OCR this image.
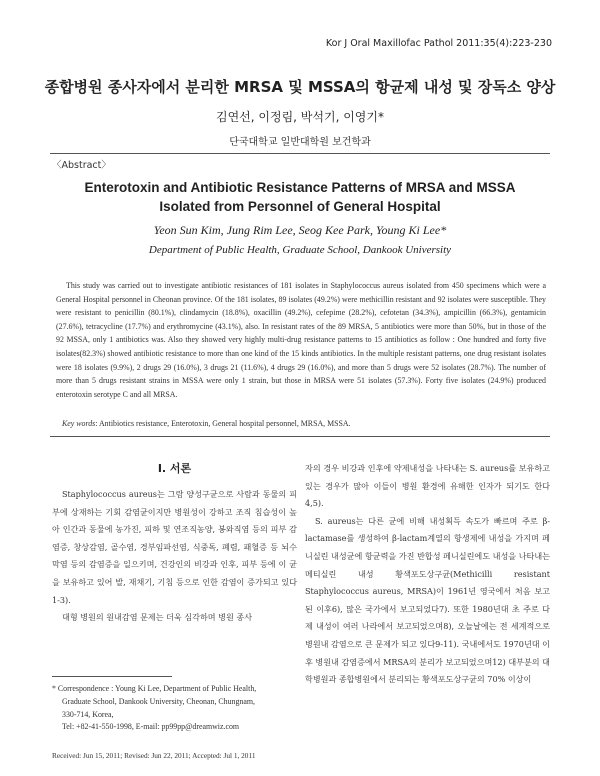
Kor J Oral Maxillofac Pathol 2011:35(4):223-230
종합병원 종사자에서 분리한 MRSA 및 MSSA의 항균제 내성 및 장독소 양상
김연선, 이정림, 박석기, 이영기*
단국대학교 일반대학원 보건학과
〈Abstract〉
Enterotoxin and Antibiotic Resistance Patterns of MRSA and MSSA Isolated from Personnel of General Hospital
Yeon Sun Kim, Jung Rim Lee, Seog Kee Park, Young Ki Lee*
Department of Public Health, Graduate School, Dankook University

This study was carried out to investigate antibiotic resistances of 181 isolates in Staphylococcus aureus isolated from 450 specimens which were a General Hospital personnel in Cheonan province. Of the 181 isolates, 89 isolates (49.2%) were methicillin resistant and 92 isolates were susceptible. They were resistant to penicillin (80.1%), clindamycin (18.8%), oxacillin (49.2%), cefepime (28.2%), cefotetan (34.3%), ampicillin (66.3%), gentamicin (27.6%), tetracycline (17.7%) and erythromycine (43.1%), also. In resistant rates of the 89 MRSA, 5 antibiotics were more than 50%, but in those of the 92 MSSA, only 1 antibiotics was. Also they showed very highly multi-drug resistance patterns to 15 antibiotics as follow : One hundred and forty five isolates(82.3%) showed antibiotic resistance to more than one kind of the 15 kinds antibiotics. In the multiple resistant patterns, one drug resistant isolates were 18 isolates (9.9%), 2 drugs 29 (16.0%), 3 drugs 21 (11.6%), 4 drugs 29 (16.0%), and more than 5 drugs were 52 isolates (28.7%). The number of more than 5 drugs resistant strains in MSSA were only 1 strain, but those in MRSA were 51 isolates (57.3%). Forty five isolates (24.9%) produced enterotoxin serotype C and all MRSA.

Key words: Antibiotics resistance, Enterotoxin, General hospital personnel, MRSA, MSSA.
Ⅰ. 서론

Staphylococcus aureus는 그람 양성구균으로 사람과 동물의 피부에 상재하는 기회 감염균이지만 병원성이 강하고 조직 침습성이 높아 인간과 동물에 농가진, 피하 및 연조직농양, 봉와직염 등의 피부 감염증, 창상감염, 골수염, 경부임파선염, 식중독, 폐렴, 패혈증 등 뇌수막염 등의 감염증을 일으키며, 건강인의 비강과 인후, 피부 등에 이 균을 보유하고 있어 발, 재채기, 기침 등으로 인한 감염이 증가되고 있다1-3).

대형 병원의 원내감염 문제는 더욱 심각하며 병원 종사

자의 경우 비강과 인후에 약제내성을 나타내는 S. aureus를 보유하고 있는 경우가 많아 이들이 병원 환경에 유해한 인자가 되기도 한다4,5).

S. aureus는 다른 균에 비해 내성획득 속도가 빠르며 주로 β-lactamase를 생성하여 β-lactam계열의 항생제에 내성을 가지며 페니실린 내성균에 항균력을 가진 반합성 페니실린에도 내성을 나타내는 메티실린 내성 황색포도상구균(Methicilli resistant Staphylococcus aureus, MRSA)이 1961년 영국에서 처음 보고된 이후6), 많은 국가에서 보고되었다7). 또한 1980년대 초 주로 다제 내성이 여러 나라에서 보고되었으며8), 오늘날에는 전 세계적으로 병원내 감염으로 큰 문제가 되고 있다9-11). 국내에서도 1970년대 이후 병원내 감염증에서 MRSA의 분리가 보고되었으며12) 대부분의 대학병원과 종합병원에서 분리되는 황색포도상구균의 70% 이상이

* Correspondence : Young Ki Lee, Department of Public Health,
Graduate School, Dankook University, Cheonan, Chungnam,
330-714, Korea,
Tel: +82-41-550-1998, E-mail: pp99pp@dreamwiz.com
Received: Jun 15, 2011; Revised: Jun 22, 2011; Accepted: Jul 1, 2011
